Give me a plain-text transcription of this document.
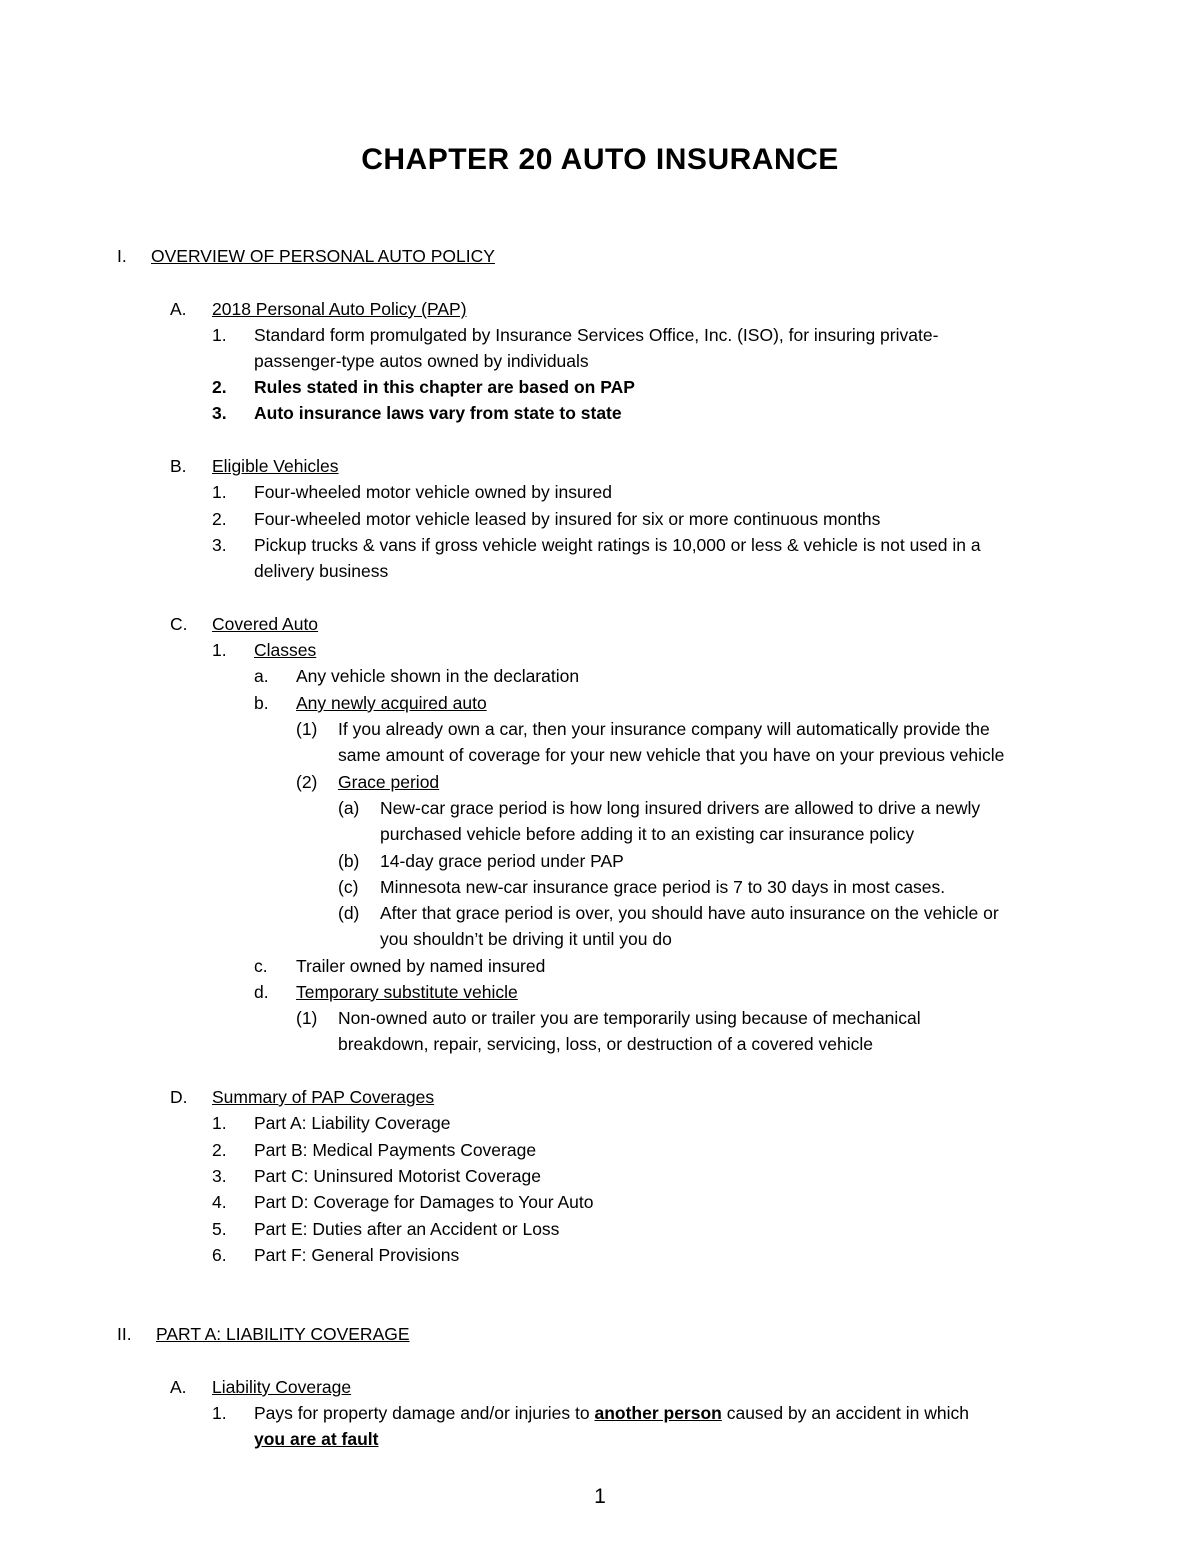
CHAPTER 20 AUTO INSURANCE
I. OVERVIEW OF PERSONAL AUTO POLICY
A. 2018 Personal Auto Policy (PAP)
1. Standard form promulgated by Insurance Services Office, Inc. (ISO), for insuring private-
passenger-type autos owned by individuals
2. Rules stated in this chapter are based on PAP
3. Auto insurance laws vary from state to state
B. Eligible Vehicles
1. Four-wheeled motor vehicle owned by insured
2. Four-wheeled motor vehicle leased by insured for six or more continuous months
3. Pickup trucks & vans if gross vehicle weight ratings is 10,000 or less & vehicle is not used in a
delivery business
C. Covered Auto
1. Classes
a. Any vehicle shown in the declaration
b. Any newly acquired auto
(1) If you already own a car, then your insurance company will automatically provide the
same amount of coverage for your new vehicle that you have on your previous vehicle
(2) Grace period
(a) New-car grace period is how long insured drivers are allowed to drive a newly
purchased vehicle before adding it to an existing car insurance policy
(b) 14-day grace period under PAP
(c) Minnesota new-car insurance grace period is 7 to 30 days in most cases.
(d) After that grace period is over, you should have auto insurance on the vehicle or
you shouldn’t be driving it until you do
c. Trailer owned by named insured
d. Temporary substitute vehicle
(1) Non-owned auto or trailer you are temporarily using because of mechanical
breakdown, repair, servicing, loss, or destruction of a covered vehicle
D. Summary of PAP Coverages
1. Part A: Liability Coverage
2. Part B: Medical Payments Coverage
3. Part C: Uninsured Motorist Coverage
4. Part D: Coverage for Damages to Your Auto
5. Part E: Duties after an Accident or Loss
6. Part F: General Provisions
II. PART A: LIABILITY COVERAGE
A. Liability Coverage
1. Pays for property damage and/or injuries to another person caused by an accident in which
you are at fault
1
